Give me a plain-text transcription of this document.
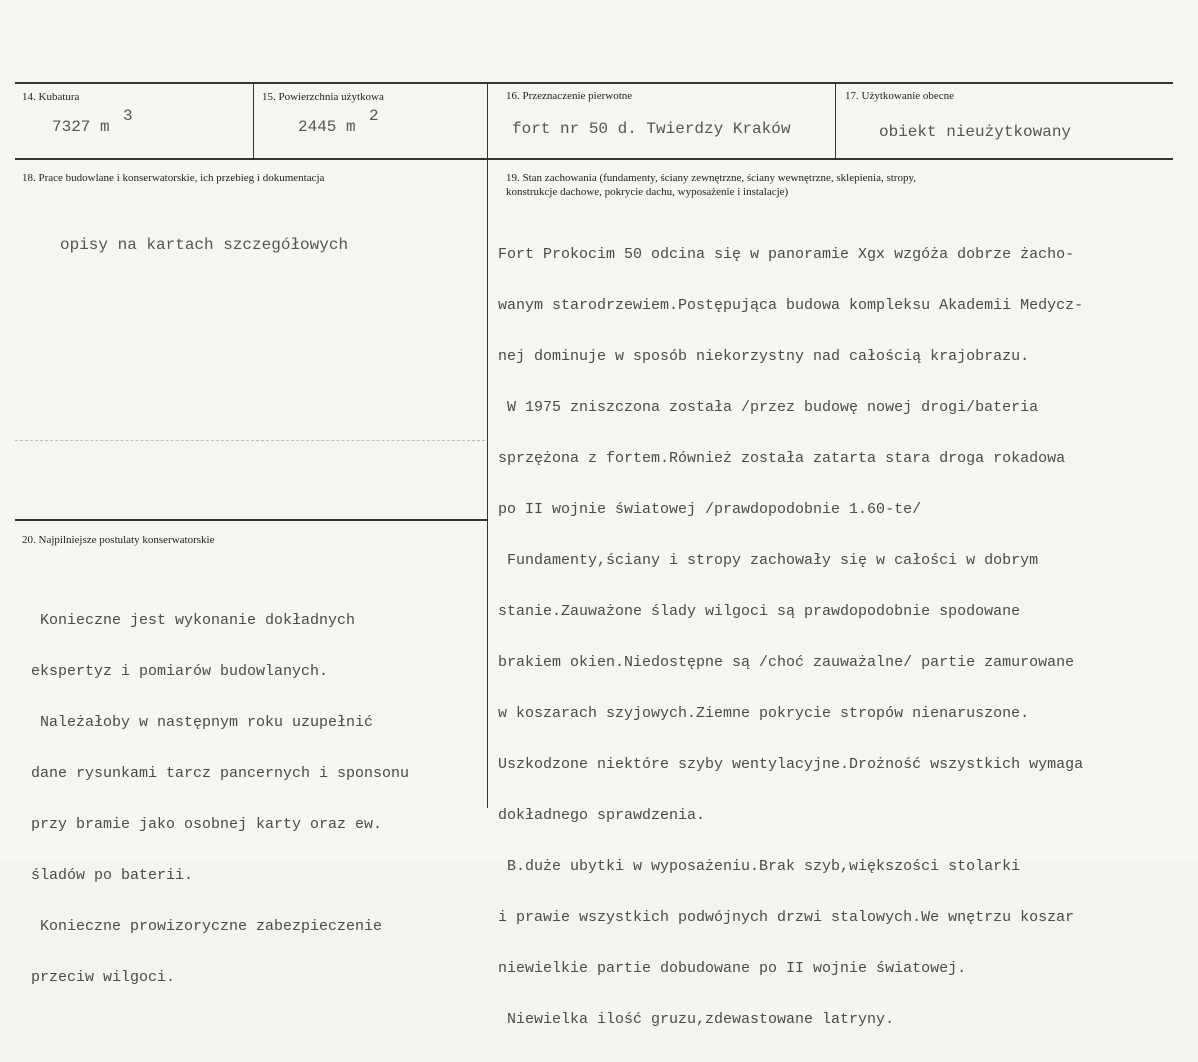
14. Kubatura
7327 m
3
15. Powierzchnia użytkowa
2445 m
2
16. Przeznaczenie pierwotne
fort nr 50 d. Twierdzy Kraków
17. Użytkowanie obecne
obiekt nieużytkowany
18. Prace budowlane i konserwatorskie, ich przebieg i dokumentacja
opisy na kartach szczegółowych
19. Stan zachowania (fundamenty, ściany zewnętrzne, ściany wewnętrzne, sklepienia, stropy,
konstrukcje dachowe, pokrycie dachu, wyposażenie i instalacje)

Fort Prokocim 50 odcina się w panoramie Xgx wzgóża dobrze żacho-

wanym starodrzewiem.Postępująca budowa kompleksu Akademii Medycz-

nej dominuje w sposób niekorzystny nad całością krajobrazu.

W 1975 zniszczona została /przez budowę nowej drogi/bateria

sprzężona z fortem.Również została zatarta stara droga rokadowa

po II wojnie światowej /prawdopodobnie 1.60-te/

Fundamenty,ściany i stropy zachowały się w całości w dobrym

stanie.Zauważone ślady wilgoci są prawdopodobnie spodowane

brakiem okien.Niedostępne są /choć zauważalne/ partie zamurowane

w koszarach szyjowych.Ziemne pokrycie stropów nienaruszone.

Uszkodzone niektóre szyby wentylacyjne.Drożność wszystkich wymaga

dokładnego sprawdzenia.

B.duże ubytki w wyposażeniu.Brak szyb,większości stolarki

i prawie wszystkich podwójnych drzwi stalowych.We wnętrzu koszar

niewielkie partie dobudowane po II wojnie światowej.

Niewielka ilość gruzu,zdewastowane latryny.

20. Najpilniejsze postulaty konserwatorskie

Konieczne jest wykonanie dokładnych

ekspertyz i pomiarów budowlanych.

Należałoby w następnym roku uzupełnić

dane rysunkami tarcz pancernych i sponsonu

przy bramie jako osobnej karty oraz ew.

śladów po baterii.

Konieczne prowizoryczne zabezpieczenie

przeciw wilgoci.
